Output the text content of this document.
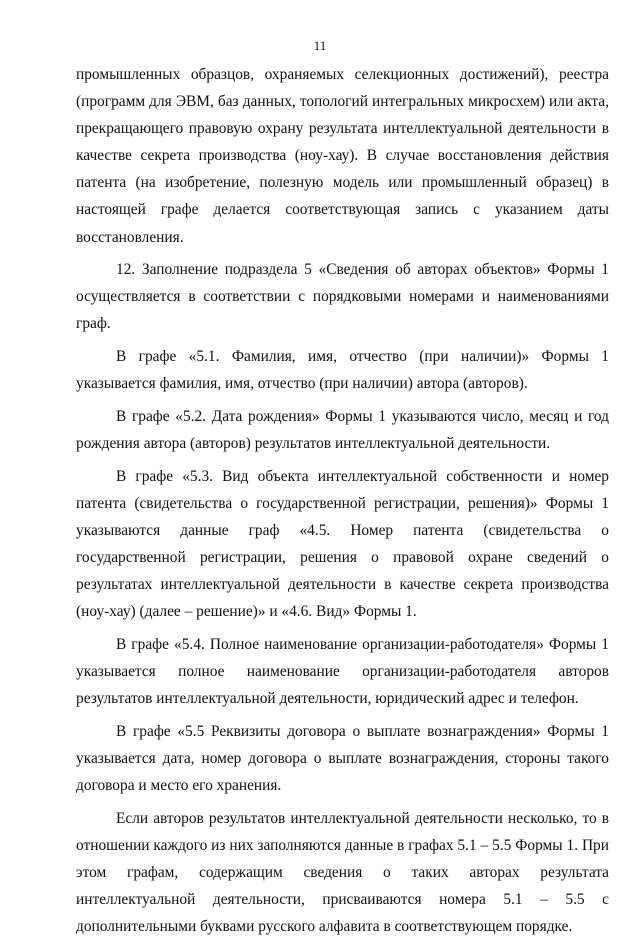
11

промышленных образцов, охраняемых селекционных достижений), реестра (программ для ЭВМ, баз данных, топологий интегральных микросхем) или акта, прекращающего правовую охрану результата интеллектуальной деятельности в качестве секрета производства (ноу-хау). В случае восстановления действия патента (на изобретение, полезную модель или промышленный образец) в настоящей графе делается соответствующая запись с указанием даты восстановления.

12. Заполнение подраздела 5 «Сведения об авторах объектов» Формы 1 осуществляется в соответствии с порядковыми номерами и наименованиями граф.

В графе «5.1. Фамилия, имя, отчество (при наличии)» Формы 1 указывается фамилия, имя, отчество (при наличии) автора (авторов).

В графе «5.2. Дата рождения» Формы 1 указываются число, месяц и год рождения автора (авторов) результатов интеллектуальной деятельности.

В графе «5.3. Вид объекта интеллектуальной собственности и номер патента (свидетельства о государственной регистрации, решения)» Формы 1 указываются данные граф «4.5. Номер патента (свидетельства о государственной регистрации, решения о правовой охране сведений о результатах интеллектуальной деятельности в качестве секрета производства (ноу-хау) (далее – решение)» и «4.6. Вид» Формы 1.

В графе «5.4. Полное наименование организации-работодателя» Формы 1 указывается полное наименование организации-работодателя авторов результатов интеллектуальной деятельности, юридический адрес и телефон.

В графе «5.5 Реквизиты договора о выплате вознаграждения» Формы 1 указывается дата, номер договора о выплате вознаграждения, стороны такого договора и место его хранения.

Если авторов результатов интеллектуальной деятельности несколько, то в отношении каждого из них заполняются данные в графах 5.1 – 5.5 Формы 1. При этом графам, содержащим сведения о таких авторах результата интеллектуальной деятельности, присваиваются номера 5.1 – 5.5 с дополнительными буквами русского алфавита в соответствующем порядке.
